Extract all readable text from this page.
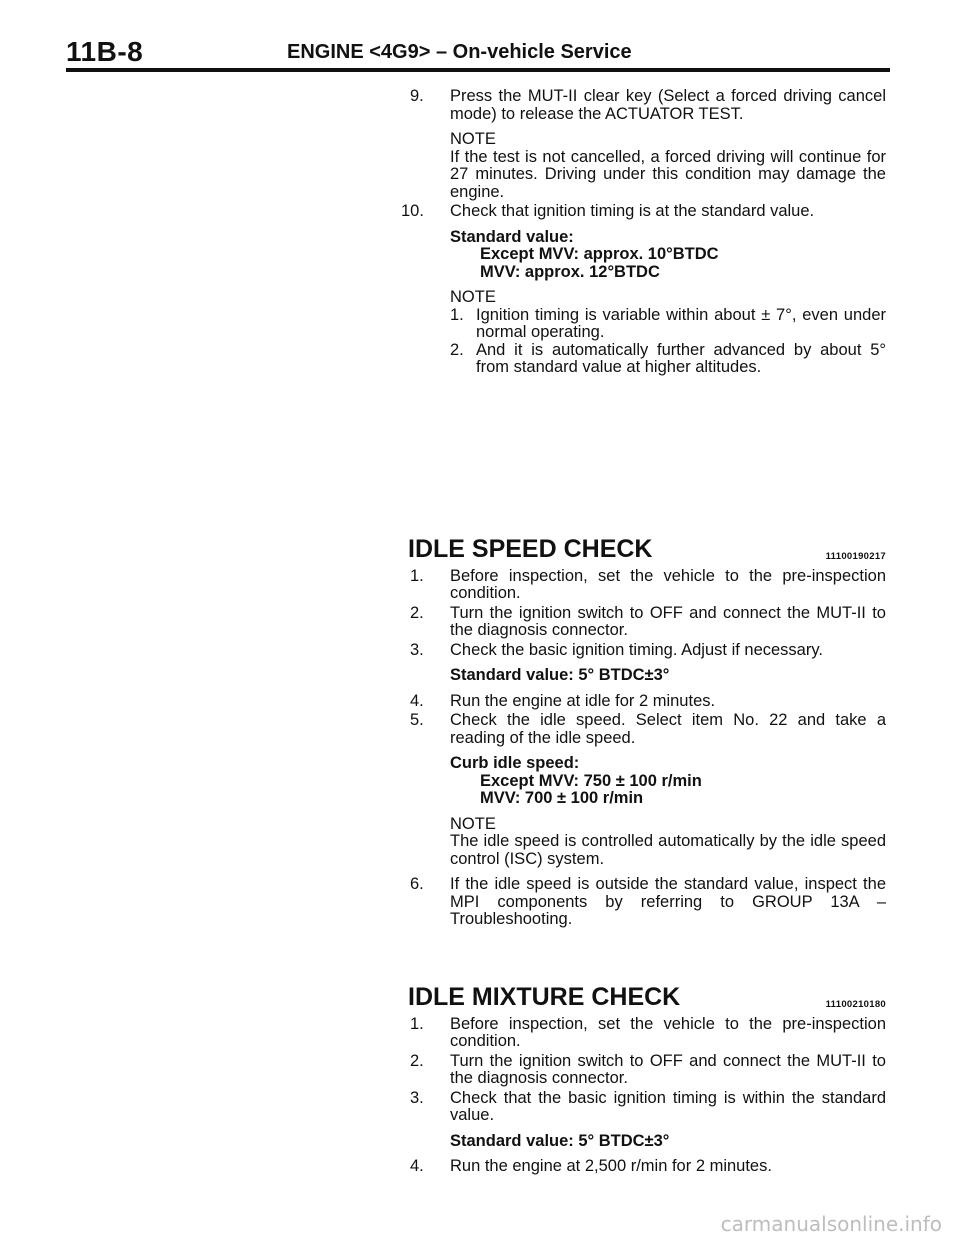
11B-8	ENGINE <4G9> – On-vehicle Service
9. Press the MUT-II clear key (Select a forced driving cancel mode) to release the ACTUATOR TEST.
NOTE
If the test is not cancelled, a forced driving will continue for 27 minutes. Driving under this condition may damage the engine.
10. Check that ignition timing is at the standard value.
Standard value:
Except MVV: approx. 10°BTDC
MVV: approx. 12°BTDC
NOTE
1. Ignition timing is variable within about ± 7°, even under normal operating.
2. And it is automatically further advanced by about 5° from standard value at higher altitudes.
IDLE SPEED CHECK	11100190217
1. Before inspection, set the vehicle to the pre-inspection condition.
2. Turn the ignition switch to OFF and connect the MUT-II to the diagnosis connector.
3. Check the basic ignition timing. Adjust if necessary.
Standard value: 5° BTDC±3°
4. Run the engine at idle for 2 minutes.
5. Check the idle speed. Select item No. 22 and take a reading of the idle speed.
Curb idle speed:
Except MVV: 750 ± 100 r/min
MVV: 700 ± 100 r/min
NOTE
The idle speed is controlled automatically by the idle speed control (ISC) system.
6. If the idle speed is outside the standard value, inspect the MPI components by referring to GROUP 13A – Troubleshooting.
IDLE MIXTURE CHECK	11100210180
1. Before inspection, set the vehicle to the pre-inspection condition.
2. Turn the ignition switch to OFF and connect the MUT-II to the diagnosis connector.
3. Check that the basic ignition timing is within the standard value.
Standard value: 5° BTDC±3°
4. Run the engine at 2,500 r/min for 2 minutes.
carmanualsonline.info
